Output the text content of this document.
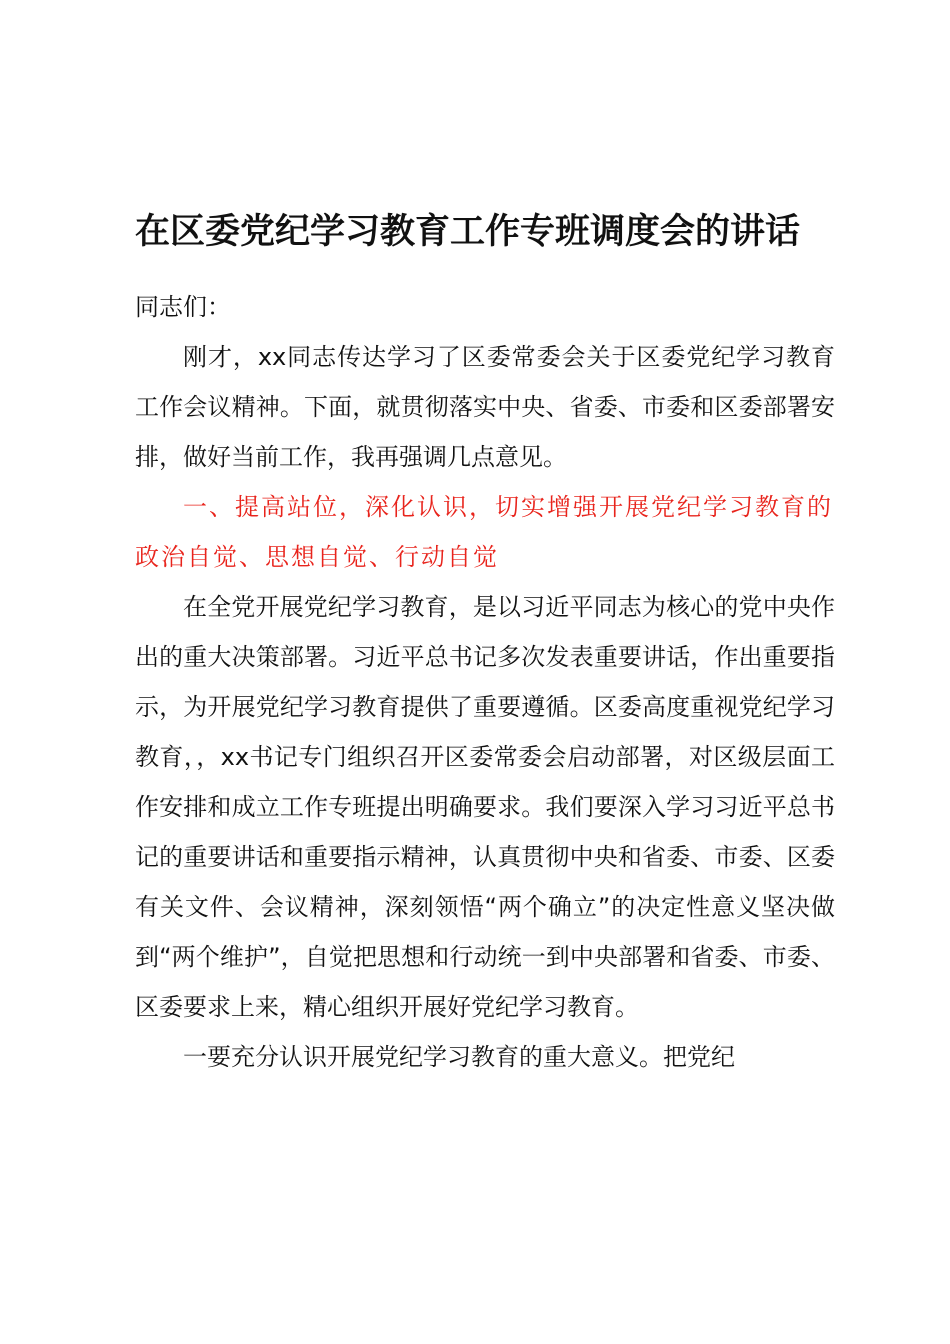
在区委党纪学习教育工作专班调度会的讲话

同志们：

刚才，xx同志传达学习了区委常委会关于区委党纪学习教育工作会议精神。下面，就贯彻落实中央、省委、市委和区委部署安排，做好当前工作，我再强调几点意见。

一、提高站位，深化认识，切实增强开展党纪学习教育的政治自觉、思想自觉、行动自觉

在全党开展党纪学习教育，是以习近平同志为核心的党中央作出的重大决策部署。习近平总书记多次发表重要讲话，作出重要指示，为开展党纪学习教育提供了重要遵循。区委高度重视党纪学习教育，，xx书记专门组织召开区委常委会启动部署，对区级层面工作安排和成立工作专班提出明确要求。我们要深入学习习近平总书记的重要讲话和重要指示精神，认真贯彻中央和省委、市委、区委有关文件、会议精神，深刻领悟“两个确立”的决定性意义坚决做到“两个维护”，自觉把思想和行动统一到中央部署和省委、市委、区委要求上来，精心组织开展好党纪学习教育。

一要充分认识开展党纪学习教育的重大意义。把党纪
